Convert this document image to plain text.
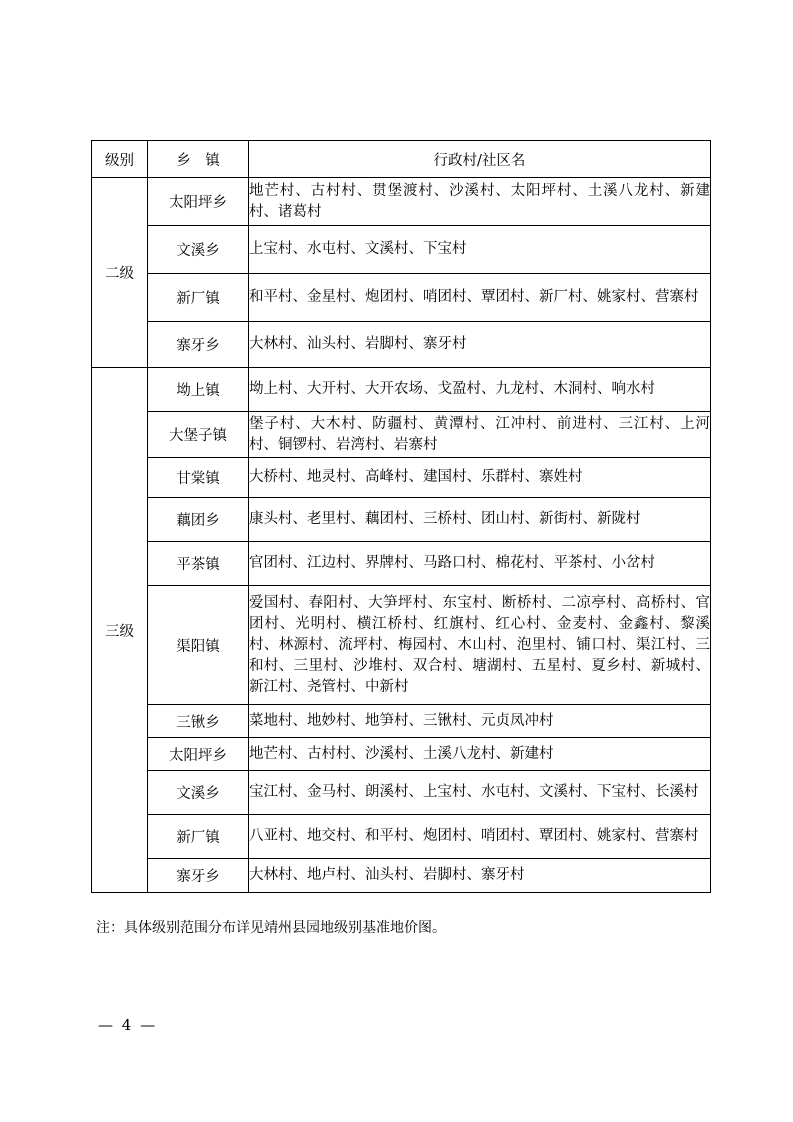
级别	乡　镇	行政村/社区名
二级	太阳坪乡	地芒村、古村村、贯堡渡村、沙溪村、太阳坪村、土溪八龙村、新建村、诸葛村
	文溪乡	上宝村、水屯村、文溪村、下宝村
	新厂镇	和平村、金星村、炮团村、哨团村、覃团村、新厂村、姚家村、营寨村
	寨牙乡	大林村、汕头村、岩脚村、寨牙村
三级	坳上镇	坳上村、大开村、大开农场、戈盈村、九龙村、木洞村、响水村
	大堡子镇	堡子村、大木村、防疆村、黄潭村、江冲村、前进村、三江村、上河村、铜锣村、岩湾村、岩寨村
	甘棠镇	大桥村、地灵村、高峰村、建国村、乐群村、寨姓村
	藕团乡	康头村、老里村、藕团村、三桥村、团山村、新街村、新陇村
	平茶镇	官团村、江边村、界牌村、马路口村、棉花村、平茶村、小岔村
	渠阳镇	爱国村、春阳村、大笋坪村、东宝村、断桥村、二凉亭村、高桥村、官团村、光明村、横江桥村、红旗村、红心村、金麦村、金鑫村、黎溪村、林源村、流坪村、梅园村、木山村、泡里村、铺口村、渠江村、三和村、三里村、沙堆村、双合村、塘湖村、五星村、夏乡村、新城村、新江村、尧管村、中新村
	三锹乡	菜地村、地妙村、地笋村、三锹村、元贞凤冲村
	太阳坪乡	地芒村、古村村、沙溪村、土溪八龙村、新建村
	文溪乡	宝江村、金马村、朗溪村、上宝村、水屯村、文溪村、下宝村、长溪村
	新厂镇	八亚村、地交村、和平村、炮团村、哨团村、覃团村、姚家村、营寨村
	寨牙乡	大林村、地卢村、汕头村、岩脚村、寨牙村
注：具体级别范围分布详见靖州县园地级别基准地价图。
— 4 —
